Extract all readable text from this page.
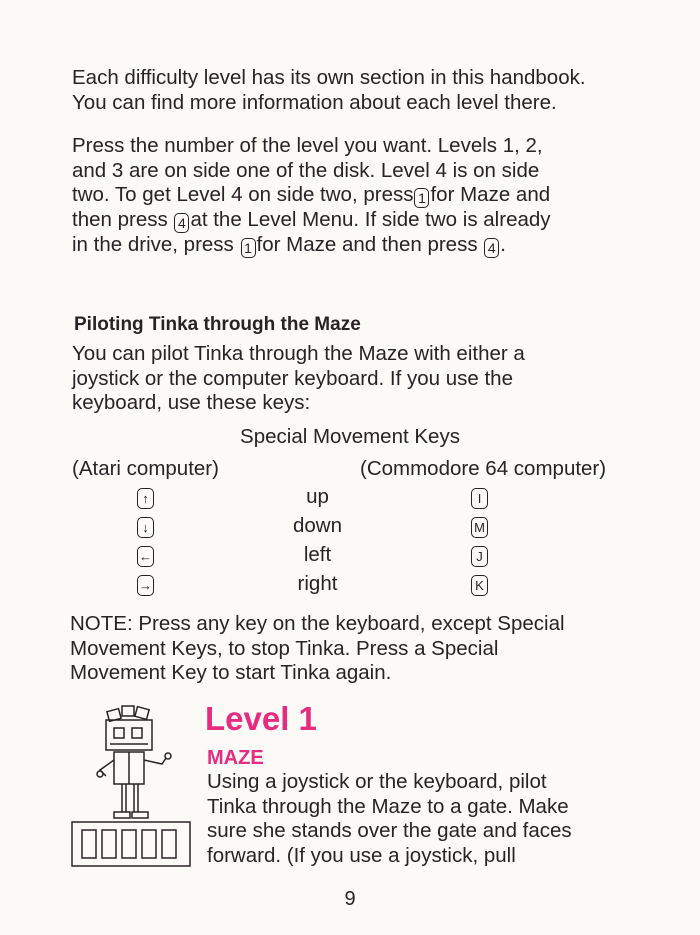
Each difficulty level has its own section in this handbook.
You can find more information about each level there.
Press the number of the level you want. Levels 1, 2,
and 3 are on side one of the disk. Level 4 is on side
two. To get Level 4 on side two, press 1 for Maze and
then press 4 at the Level Menu. If side two is already
in the drive, press 1 for Maze and then press 4 .
Piloting Tinka through the Maze
You can pilot Tinka through the Maze with either a
joystick or the computer keyboard. If you use the
keyboard, use these keys:
Special Movement Keys
(Atari computer)	(Commodore 64 computer)
↑	up	I
↓	down	M
←	left	J
→	right	K
NOTE: Press any key on the keyboard, except Special
Movement Keys, to stop Tinka. Press a Special
Movement Key to start Tinka again.
Level 1
MAZE
Using a joystick or the keyboard, pilot
Tinka through the Maze to a gate. Make
sure she stands over the gate and faces
forward. (If you use a joystick, pull
9
